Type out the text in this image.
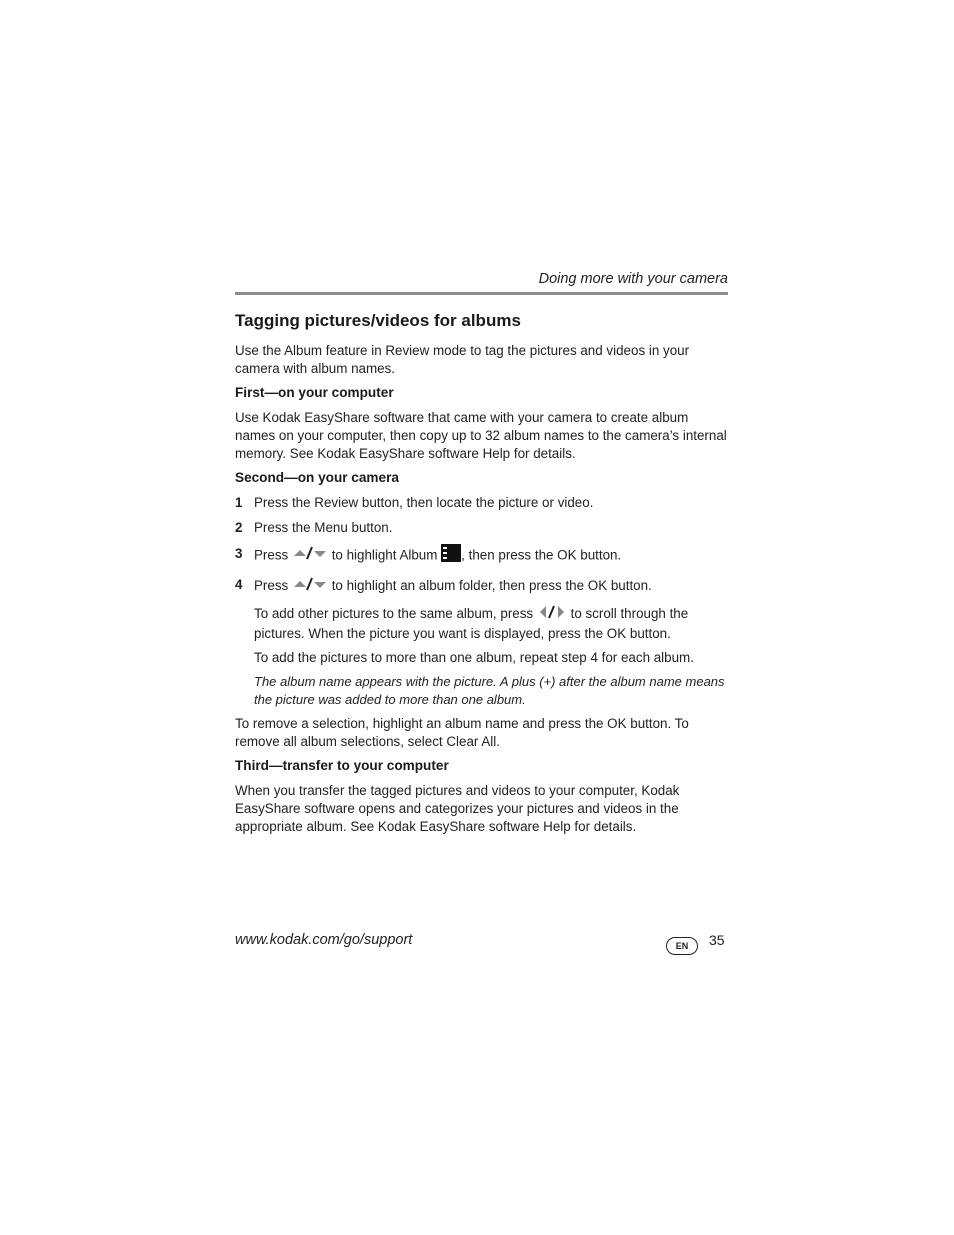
Doing more with your camera
Tagging pictures/videos for albums

Use the Album feature in Review mode to tag the pictures and videos in your camera with album names.

First—on your computer

Use Kodak EasyShare software that came with your camera to create album names on your computer, then copy up to 32 album names to the camera’s internal memory. See Kodak EasyShare software Help for details.

Second—on your camera
1 Press the Review button, then locate the picture or video.
2 Press the Menu button.
3 Press	to highlight Album , then press the OK button.
4 Press	to highlight an album folder, then press the OK button.

To add other pictures to the same album, press	to scroll through the pictures. When the picture you want is displayed, press the OK button.

To add the pictures to more than one album, repeat step 4 for each album.

The album name appears with the picture. A plus (+) after the album name means the picture was added to more than one album.

To remove a selection, highlight an album name and press the OK button. To remove all album selections, select Clear All.

Third—transfer to your computer

When you transfer the tagged pictures and videos to your computer, Kodak EasyShare software opens and categorizes your pictures and videos in the appropriate album. See Kodak EasyShare software Help for details.

www.kodak.com/go/support	EN	35
